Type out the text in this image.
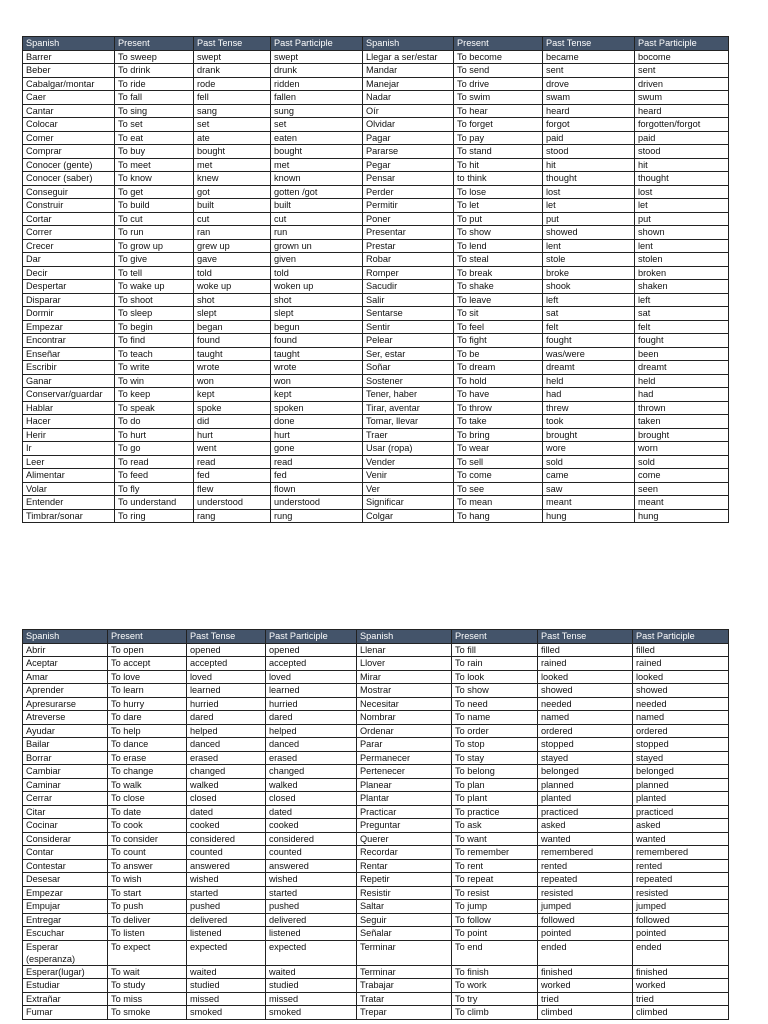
Spanish	Present	Past Tense	Past Participle	Spanish	Present	Past Tense	Past Participle
Barrer	To sweep	swept	swept	Llegar a ser/estar	To become	became	bocome
Beber	To drink	drank	drunk	Mandar	To send	sent	sent
Cabalgar/montar	To ride	rode	ridden	Manejar	To drive	drove	driven
Caer	To fall	fell	fallen	Nadar	To swim	swam	swum
Cantar	To sing	sang	sung	Oír	To hear	heard	heard
Colocar	To set	set	set	Olvidar	To forget	forgot	forgotten/forgot
Comer	To eat	ate	eaten	Pagar	To pay	paid	paid
Comprar	To buy	bought	bought	Pararse	To stand	stood	stood
Conocer (gente)	To meet	met	met	Pegar	To hit	hit	hit
Conocer (saber)	To know	knew	known	Pensar	to think	thought	thought
Conseguir	To get	got	gotten /got	Perder	To lose	lost	lost
Construir	To build	built	built	Permitir	To let	let	let
Cortar	To cut	cut	cut	Poner	To put	put	put
Correr	To run	ran	run	Presentar	To show	showed	shown
Crecer	To grow up	grew up	grown un	Prestar	To lend	lent	lent
Dar	To give	gave	given	Robar	To steal	stole	stolen
Decir	To tell	told	told	Romper	To break	broke	broken
Despertar	To wake up	woke up	woken up	Sacudir	To shake	shook	shaken
Disparar	To shoot	shot	shot	Salir	To leave	left	left
Dormir	To sleep	slept	slept	Sentarse	To sit	sat	sat
Empezar	To begin	began	begun	Sentir	To feel	felt	felt
Encontrar	To find	found	found	Pelear	To fight	fought	fought
Enseñar	To teach	taught	taught	Ser, estar	To be	was/were	been
Escribir	To write	wrote	wrote	Soñar	To dream	dreamt	dreamt
Ganar	To win	won	won	Sostener	To hold	held	held
Conservar/guardar	To keep	kept	kept	Tener, haber	To have	had	had
Hablar	To speak	spoke	spoken	Tirar, aventar	To throw	threw	thrown
Hacer	To do	did	done	Tomar, llevar	To take	took	taken
Herir	To hurt	hurt	hurt	Traer	To bring	brought	brought
Ir	To go	went	gone	Usar (ropa)	To wear	wore	worn
Leer	To read	read	read	Vender	To sell	sold	sold
Alimentar	To feed	fed	fed	Venir	To come	came	come
Volar	To fly	flew	flown	Ver	To see	saw	seen
Entender	To understand	understood	understood	Significar	To mean	meant	meant
Timbrar/sonar	To ring	rang	rung	Colgar	To hang	hung	hung
Spanish	Present	Past Tense	Past Participle	Spanish	Present	Past Tense	Past Participle
Abrir	To open	opened	opened	Llenar	To fill	filled	filled
Aceptar	To accept	accepted	accepted	Llover	To rain	rained	rained
Amar	To love	loved	loved	Mirar	To look	looked	looked
Aprender	To learn	learned	learned	Mostrar	To show	showed	showed
Apresurarse	To hurry	hurried	hurried	Necesitar	To need	needed	needed
Atreverse	To dare	dared	dared	Nombrar	To name	named	named
Ayudar	To help	helped	helped	Ordenar	To order	ordered	ordered
Bailar	To dance	danced	danced	Parar	To stop	stopped	stopped
Borrar	To erase	erased	erased	Permanecer	To stay	stayed	stayed
Cambiar	To change	changed	changed	Pertenecer	To belong	belonged	belonged
Caminar	To walk	walked	walked	Planear	To plan	planned	planned
Cerrar	To close	closed	closed	Plantar	To plant	planted	planted
Citar	To date	dated	dated	Practicar	To practice	practiced	practiced
Cocinar	To cook	cooked	cooked	Preguntar	To ask	asked	asked
Considerar	To consider	considered	considered	Querer	To want	wanted	wanted
Contar	To count	counted	counted	Recordar	To remember	remembered	remembered
Contestar	To answer	answered	answered	Rentar	To rent	rented	rented
Desesar	To wish	wished	wished	Repetir	To repeat	repeated	repeated
Empezar	To start	started	started	Resistir	To resist	resisted	resisted
Empujar	To push	pushed	pushed	Saltar	To jump	jumped	jumped
Entregar	To deliver	delivered	delivered	Seguir	To follow	followed	followed
Escuchar	To listen	listened	listened	Señalar	To point	pointed	pointed
Esperar (esperanza)	To expect	expected	expected	Terminar	To end	ended	ended
Esperar(lugar)	To wait	waited	waited	Terminar	To finish	finished	finished
Estudiar	To study	studied	studied	Trabajar	To work	worked	worked
Extrañar	To miss	missed	missed	Tratar	To try	tried	tried
Fumar	To smoke	smoked	smoked	Trepar	To climb	climbed	climbed
